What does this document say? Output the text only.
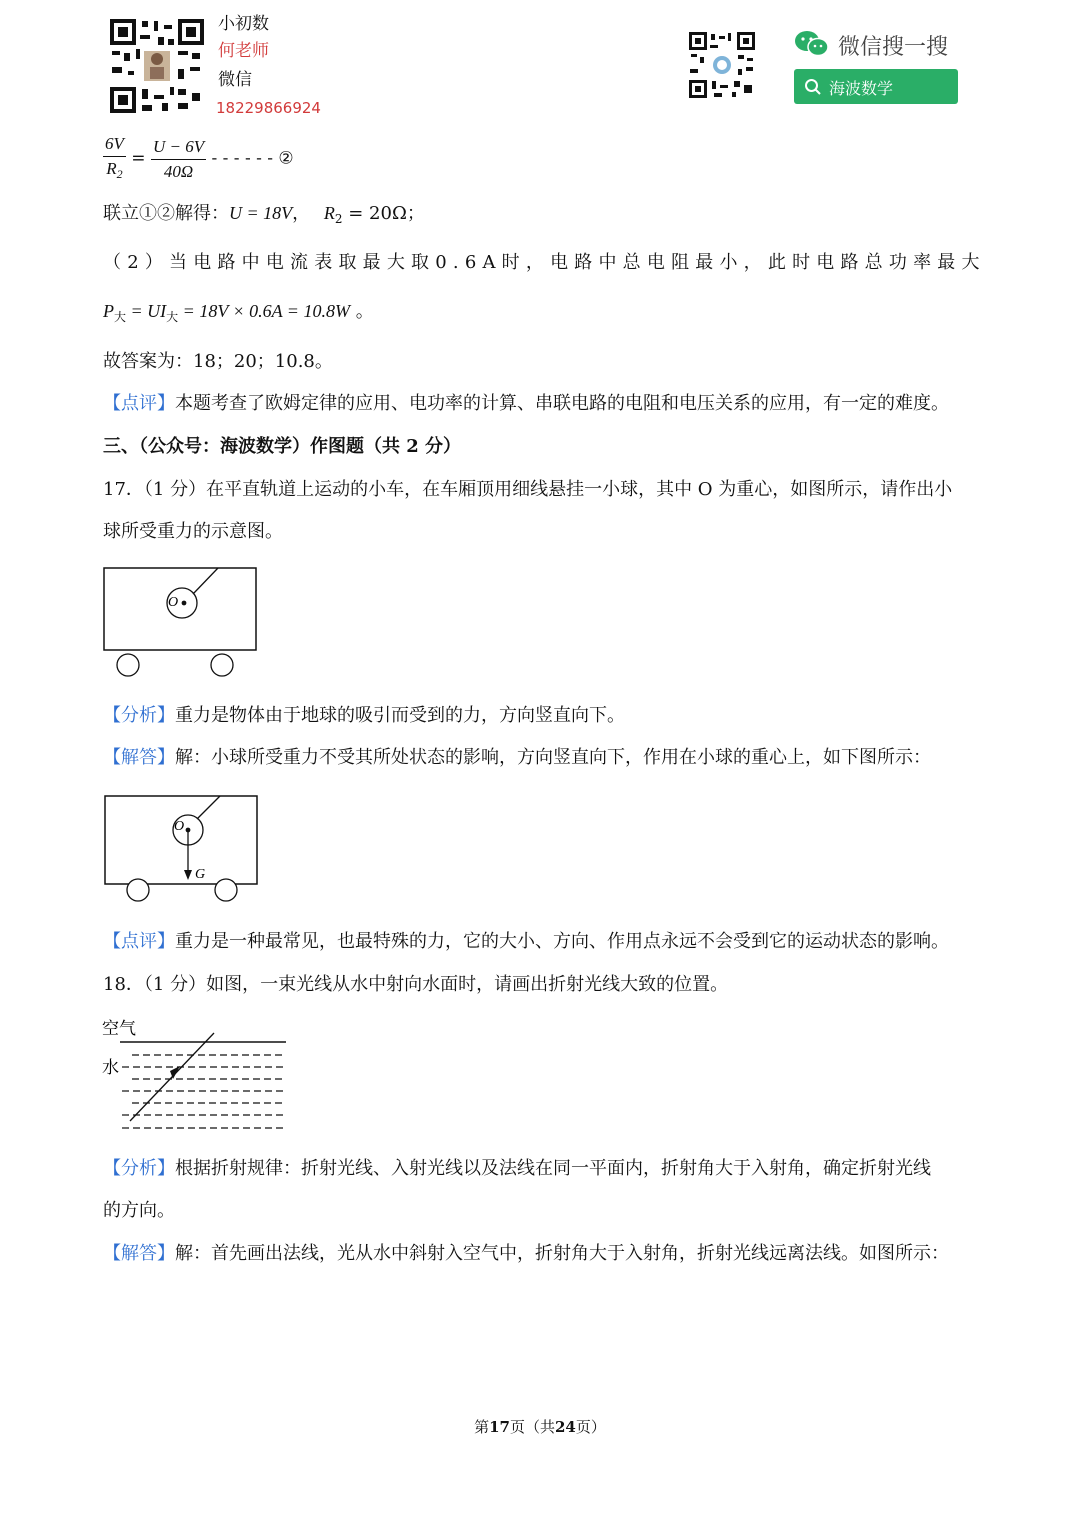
小初数
何老师
微信
18229866924
微信搜一搜
海波数学
$\frac{6V}{R_2} = \frac{U - 6V}{40\Omega}$ - - - - - - ②
联立①②解得：U = 18V， $R_2 = 20\Omega$；
（2）当电路中电流表取最大取0.6A时，电路中总电阻最小，此时电路总功率最大
$P_大 = UI_大 = 18V \times 0.6A = 10.8W$ 。
故答案为：18；20；10.8。
【点评】本题考查了欧姆定律的应用、电功率的计算、串联电路的电阻和电压关系的应用，有一定的难度。
三、（公众号：海波数学）作图题（共 2 分）
17．（1 分）在平直轨道上运动的小车，在车厢顶用细线悬挂一小球，其中 O 为重心，如图所示，请作出小
球所受重力的示意图。
O
【分析】重力是物体由于地球的吸引而受到的力，方向竖直向下。
【解答】解：小球所受重力不受其所处状态的影响，方向竖直向下，作用在小球的重心上，如下图所示：
O
G
【点评】重力是一种最常见，也最特殊的力，它的大小、方向、作用点永远不会受到它的运动状态的影响。
18．（1 分）如图，一束光线从水中射向水面时，请画出折射光线大致的位置。
空气
水
【分析】根据折射规律：折射光线、入射光线以及法线在同一平面内，折射角大于入射角，确定折射光线
的方向。
【解答】解：首先画出法线，光从水中斜射入空气中，折射角大于入射角，折射光线远离法线。如图所示：
第17页（共24页）
